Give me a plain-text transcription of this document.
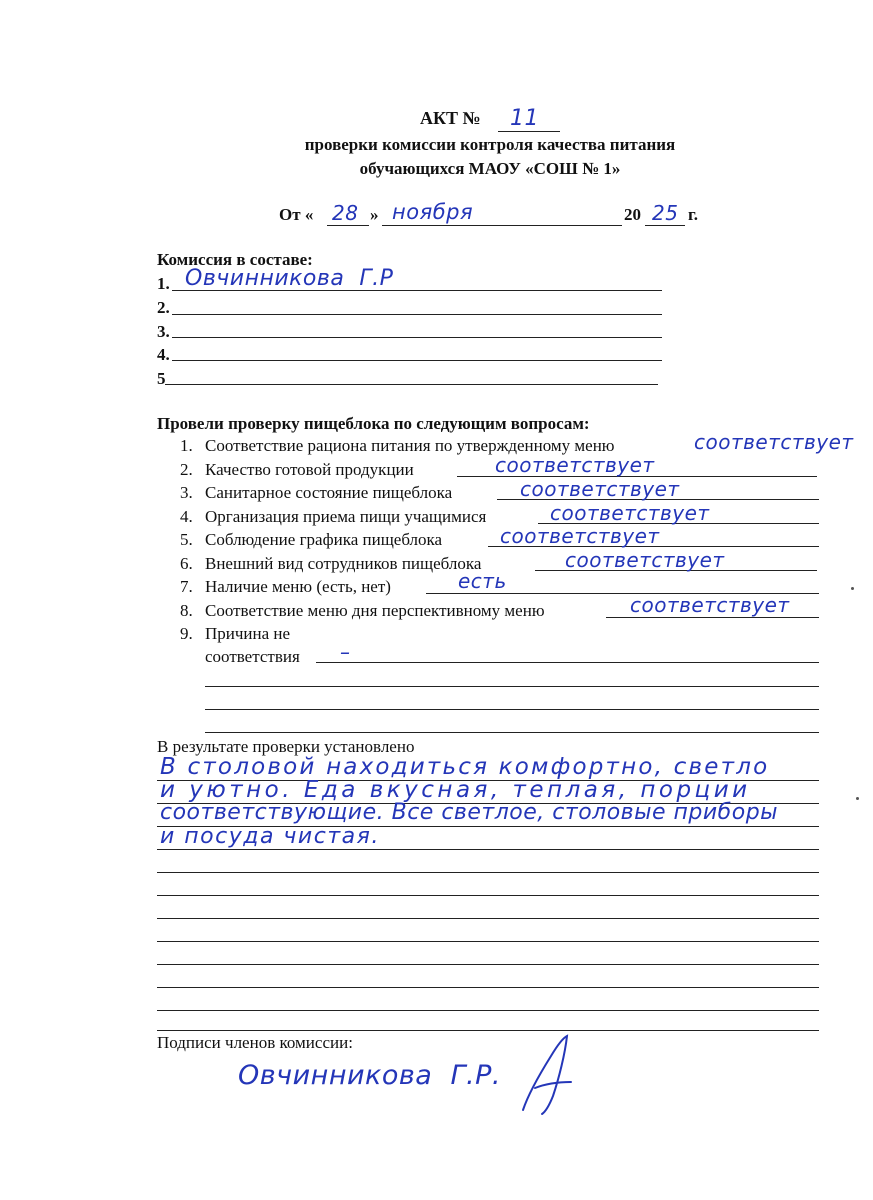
АКТ № 11
проверки комиссии контроля качества питания
обучающихся МАОУ «СОШ № 1»
От « 28 » ноября	20 25 г.
Комиссия в составе:
1. Овчинникова  Г.Р
2.
3.
4.
5
Провели проверку пищеблока по следующим вопросам:
1. Соответствие рациона питания по утвержденному меню	соответствует
2. Качество готовой продукции	соответствует
3. Санитарное состояние пищеблока	соответствует
4. Организация приема пищи учащимися	соответствует
5. Соблюдение графика пищеблока	соответствует
6. Внешний вид сотрудников пищеблока	соответствует
7. Наличие меню (есть, нет)	есть
8. Соответствие меню дня перспективному меню	соответствует
9. Причина не
соответствия –
В результате проверки установлено
В столовой находиться комфортно, светло
и уютно. Еда вкусная, теплая, порции
соответствующие. Все светлое, столовые приборы
и посуда чистая.
Подписи членов комиссии:
Овчинникова  Г.Р.
